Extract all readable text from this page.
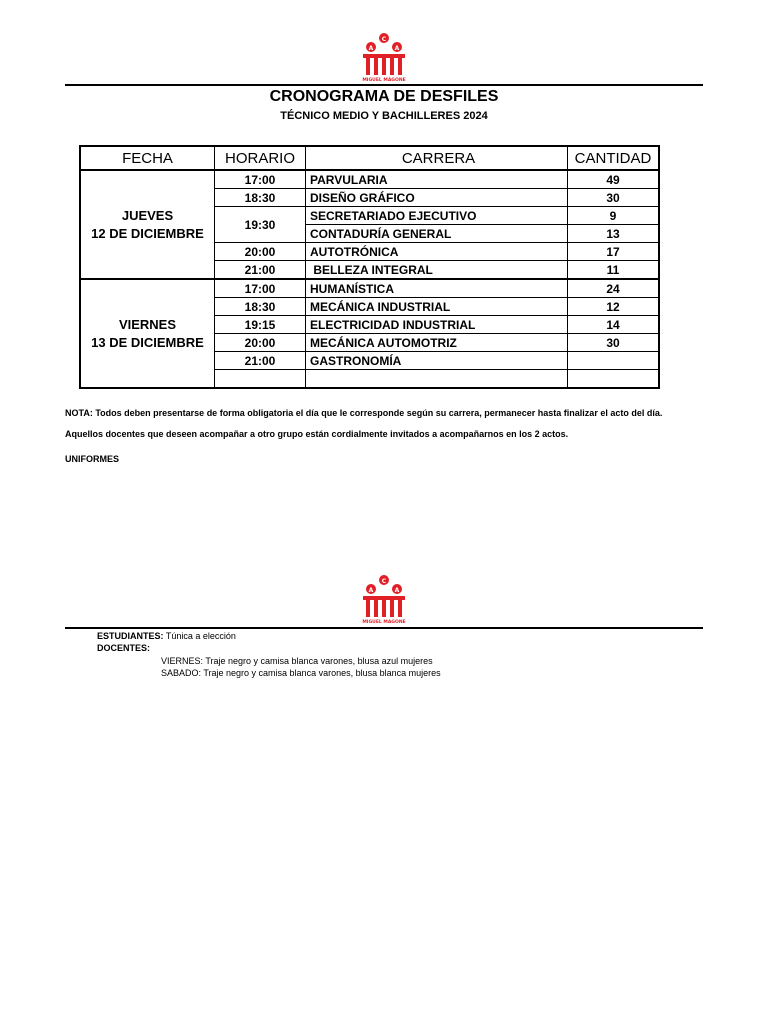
C
A	A
MIGUEL MAGONE
CRONOGRAMA DE DESFILES
TÉCNICO MEDIO Y BACHILLERES 2024
FECHA	HORARIO	CARRERA	CANTIDAD

JUEVES
12 DE DICIEMBRE	17:00	PARVULARIA	49
	18:30	DISEÑO GRÁFICO	30
	19:30	SECRETARIADO EJECUTIVO	9
		CONTADURÍA GENERAL	13
	20:00	AUTOTRÓNICA	17
	21:00	BELLEZA INTEGRAL	11

VIERNES
13 DE DICIEMBRE	17:00	HUMANÍSTICA	24
	18:30	MECÁNICA INDUSTRIAL	12
	19:15	ELECTRICIDAD INDUSTRIAL	14
	20:00	MECÁNICA AUTOMOTRIZ	30
	21:00	GASTRONOMÍA	

NOTA: Todos deben presentarse de forma obligatoria el día que le corresponde según su carrera, permanecer hasta finalizar el acto del día.
Aquellos docentes que deseen acompañar a otro grupo están cordialmente invitados a acompañarnos en los 2 actos.
UNIFORMES
C
A	A
MIGUEL MAGONE
ESTUDIANTES: Túnica a elección
DOCENTES:
VIERNES: Traje negro y camisa blanca varones, blusa azul mujeres
SABADO: Traje negro y camisa blanca varones, blusa blanca mujeres
